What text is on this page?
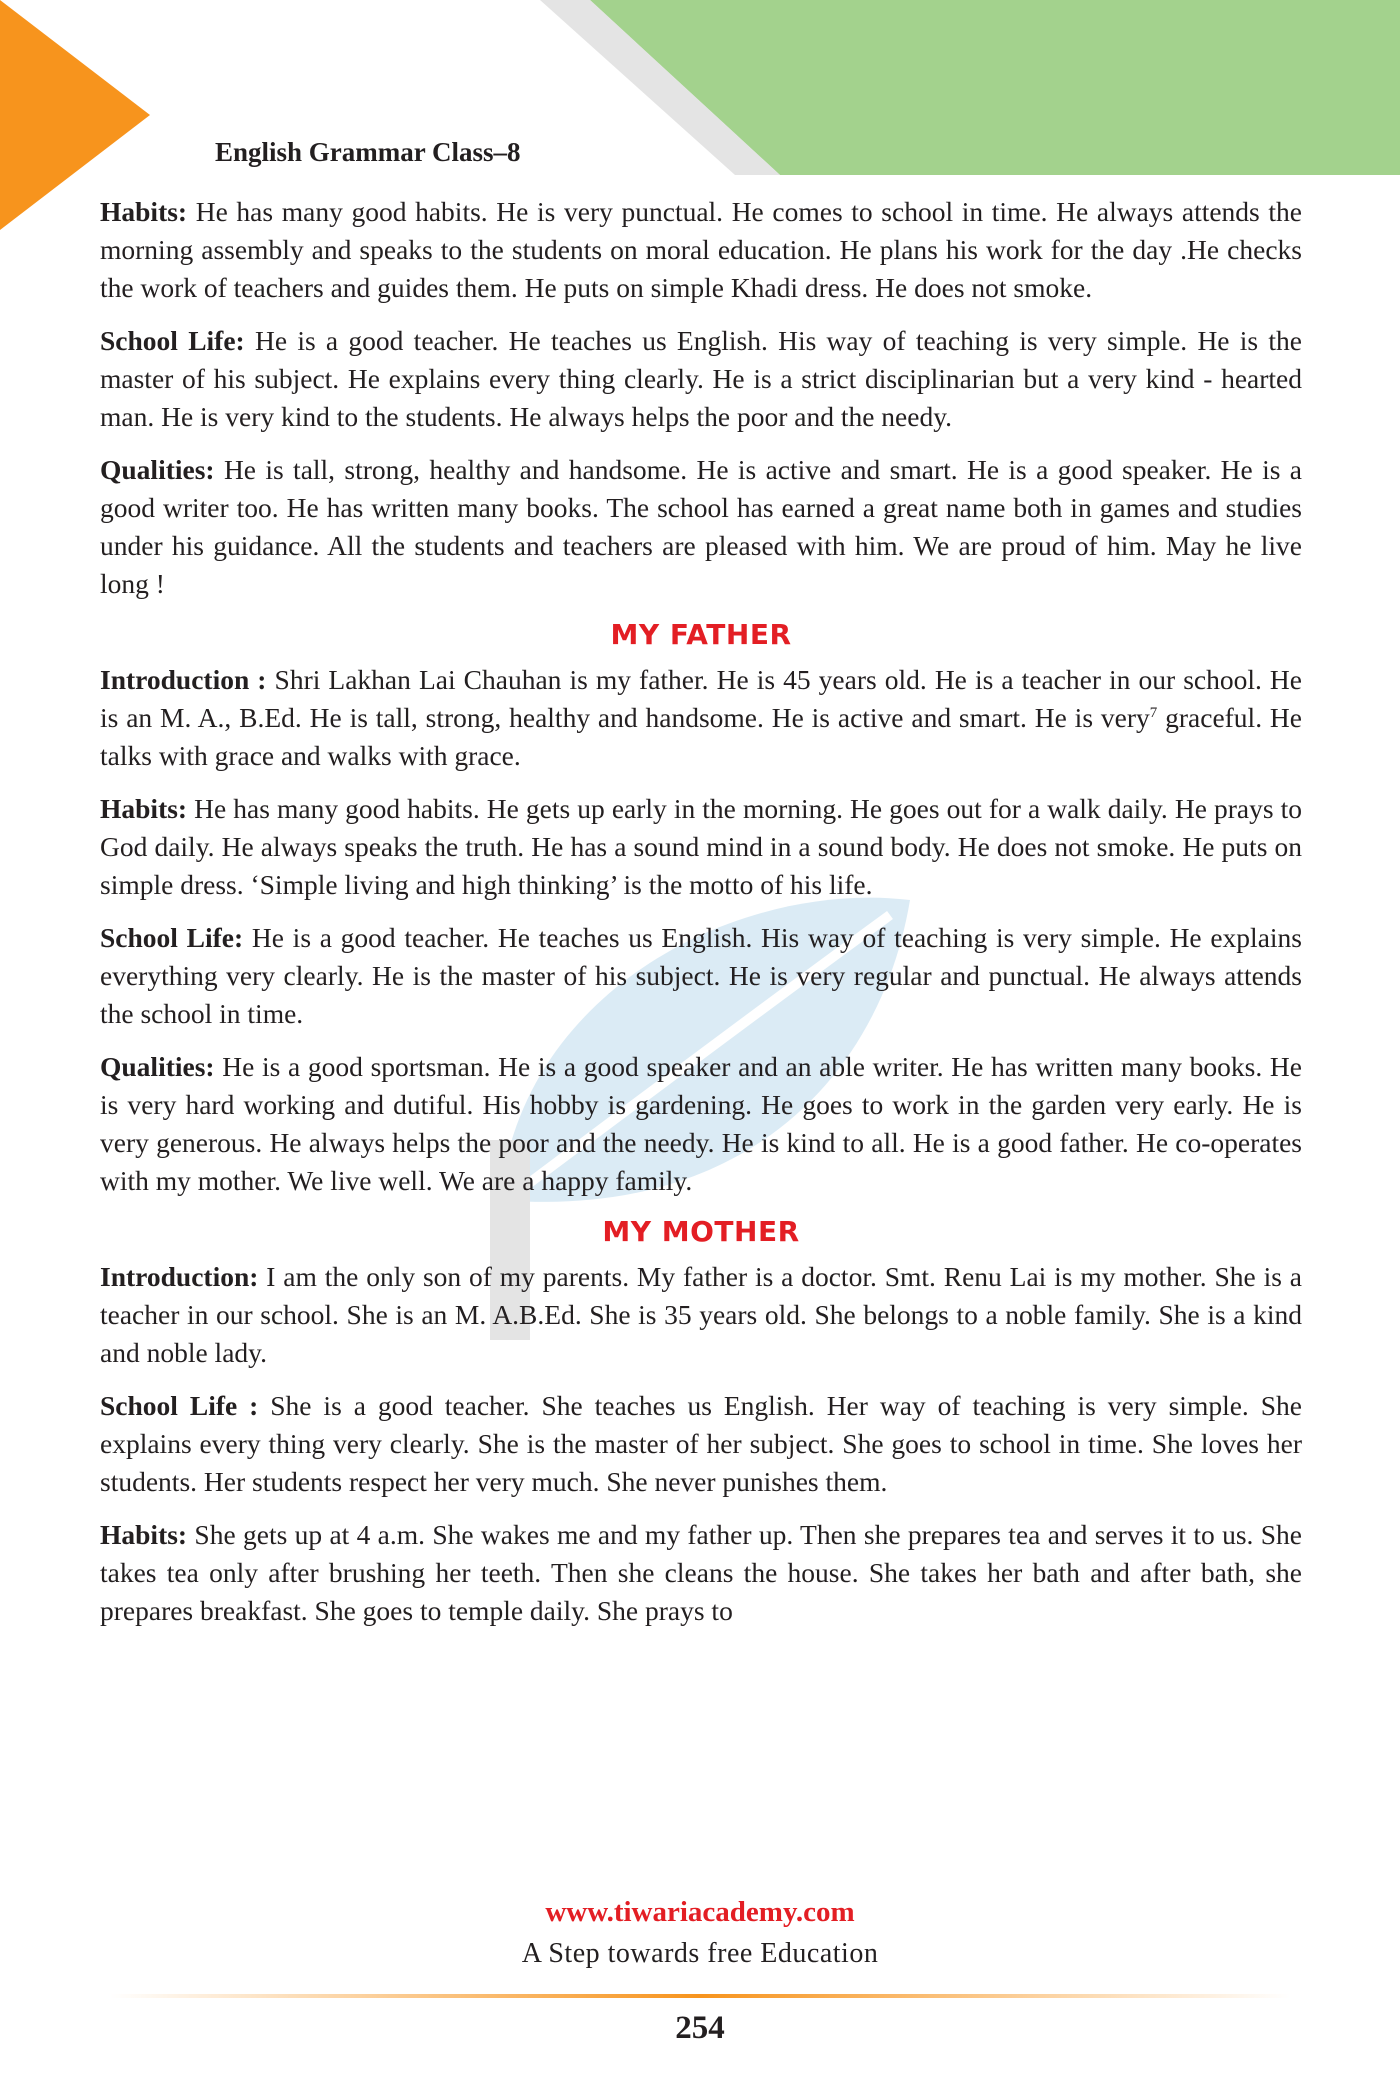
English Grammar Class–8

Habits: He has many good habits. He is very punctual. He comes to school in time. He always attends the morning assembly and speaks to the students on moral education. He plans his work for the day .He checks the work of teachers and guides them. He puts on simple Khadi dress. He does not smoke.

School Life: He is a good teacher. He teaches us English. His way of teaching is very simple. He is the master of his subject. He explains every thing clearly. He is a strict disciplinarian but a very kind - hearted man. He is very kind to the students. He always helps the poor and the needy.

Qualities: He is tall, strong, healthy and handsome. He is active and smart. He is a good speaker. He is a good writer too. He has written many books. The school has earned a great name both in games and studies under his guidance. All the students and teachers are pleased with him. We are proud of him. May he live long !

MY FATHER

Introduction : Shri Lakhan Lai Chauhan is my father. He is 45 years old. He is a teacher in our school. He is an M. A., B.Ed. He is tall, strong, healthy and handsome. He is active and smart. He is very$^7$ graceful. He talks with grace and walks with grace.

Habits: He has many good habits. He gets up early in the morning. He goes out for a walk daily. He prays to God daily. He always speaks the truth. He has a sound mind in a sound body. He does not smoke. He puts on simple dress. ‘Simple living and high thinking’ is the motto of his life.

School Life: He is a good teacher. He teaches us English. His way of teaching is very simple. He explains everything very clearly. He is the master of his subject. He is very regular and punctual. He always attends the school in time.

Qualities: He is a good sportsman. He is a good speaker and an able writer. He has written many books. He is very hard working and dutiful. His hobby is gardening. He goes to work in the garden very early. He is very generous. He always helps the poor and the needy. He is kind to all. He is a good father. He co-operates with my mother. We live well. We are a happy family.

MY MOTHER

Introduction: I am the only son of my parents. My father is a doctor. Smt. Renu Lai is my mother. She is a teacher in our school. She is an M. A.B.Ed. She is 35 years old. She belongs to a noble family. She is a kind and noble lady.

School Life : She is a good teacher. She teaches us English. Her way of teaching is very simple. She explains every thing very clearly. She is the master of her subject. She goes to school in time. She loves her students. Her students respect her very much. She never punishes them.

Habits: She gets up at 4 a.m. She wakes me and my father up. Then she prepares tea and serves it to us. She takes tea only after brushing her teeth. Then she cleans the house. She takes her bath and after bath, she prepares breakfast. She goes to temple daily. She prays to

www.tiwariacademy.com
A Step towards free Education
254
